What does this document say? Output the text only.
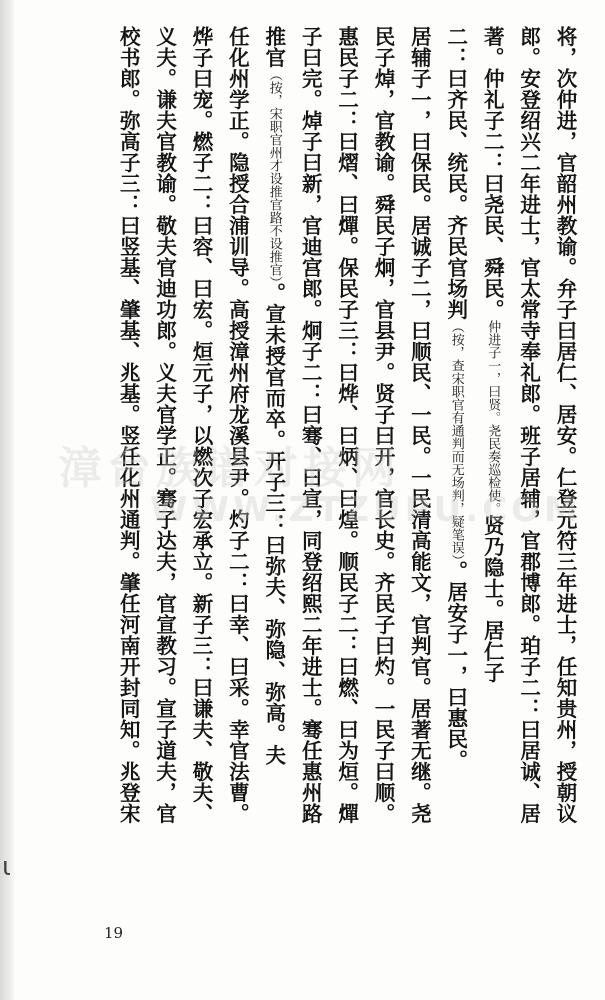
将，次仲进，官韶州教谕。弁子曰居仁、居安。仁登元符三年进士，任知贵州，授朝议
郎。安登绍兴二年进士，官太常寺奉礼郎。班子居辅，官郡博郎。珀子二：曰居诚、居
著。仲礼子二：曰尧民、舜民。仲进子一，曰贤。尧民奏巡检使。贤乃隐士。居仁子
二：曰齐民、统民。齐民官场判（按，查宋职官有通判而无场判，疑笔误）。居安子一，曰惠民。
居辅子一，曰保民。居诚子二，曰顺民、一民。一民清高能文，官判官。居著无继。尧
民子焯，官教谕。舜民子炯，官县尹。贤子曰开，官长史。齐民子曰灼。一民子曰顺。
惠民子二：曰熠、曰燀。保民子三：曰烨、曰炳、曰煌。顺民子二：曰燃、曰为烜。燀
子曰完。焯子曰新，官迪宫郎。炯子二：曰骞、曰宣，同登绍熙二年进士。骞任惠州路
推官（按，宋职官州才设推官路不设推官）。宣未授官而卒。开子三：曰弥夫、弥隐、弥高。夫
任化州学正。隐授合浦训导。高授漳州府龙溪县尹。灼子二：曰幸、曰采。幸官法曹。
烨子曰宠。燃子二：曰容、曰宏。烜元子，以燃次子宏承立。新子三：曰谦夫、敬夫、
义夫。谦夫官教谕。敬夫官迪功郎。义夫官学正。骞子达夫，官宣教习。宣子道夫，官
校书郎。弥高子三：曰竖基、肇基、兆基。竖任化州通判。肇任河南开封同知。兆登宋
漳台族谱对接网
WWW.ZTZUPU.COM
ɩ
19
